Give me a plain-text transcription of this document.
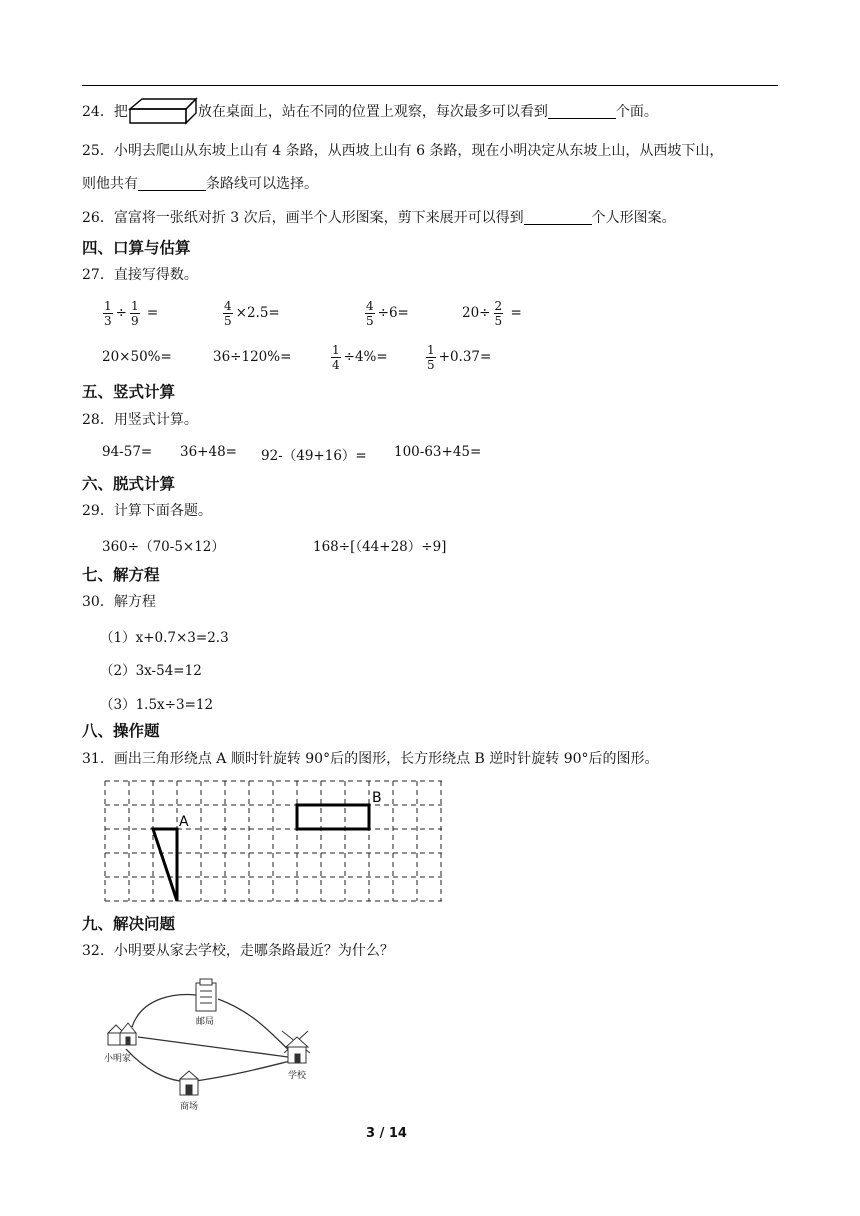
24．把	放在桌面上，站在不同的位置上观察，每次最多可以看到	个面。
25．小明去爬山从东坡上山有 4 条路，从西坡上山有 6 条路，现在小明决定从东坡上山，从西坡下山，
则他共有	条路线可以选择。
26．富富将一张纸对折 3 次后，画半个人形图案，剪下来展开可以得到	个人形图案。
四、口算与估算
27．直接写得数。
$\frac{1}{3} \div \frac{1}{9}$ =	$\frac{4}{5} \times 2.5=$	$\frac{4}{5} \div 6=$	$20\div \frac{2}{5}$ =
20×50%=	36÷120%=	$\frac{1}{4} \div 4\%=$	$\frac{1}{5} +0.37=$
五、竖式计算
28．用竖式计算。
94-57= 36+48= 92-（49+16）= 100-63+45=
六、脱式计算
29．计算下面各题。
360÷（70-5×12）	168÷[（44+28）÷9]
七、解方程
30．解方程
（1）x+0.7×3=2.3
（2）3x-54=12
（3）1.5x÷3=12
八、操作题
31．画出三角形绕点 A 顺时针旋转 90°后的图形，长方形绕点 B 逆时针旋转 90°后的图形。
A
B
九、解决问题
32．小明要从家去学校，走哪条路最近？为什么？
小明家
邮局
学校
商场
3 / 14
